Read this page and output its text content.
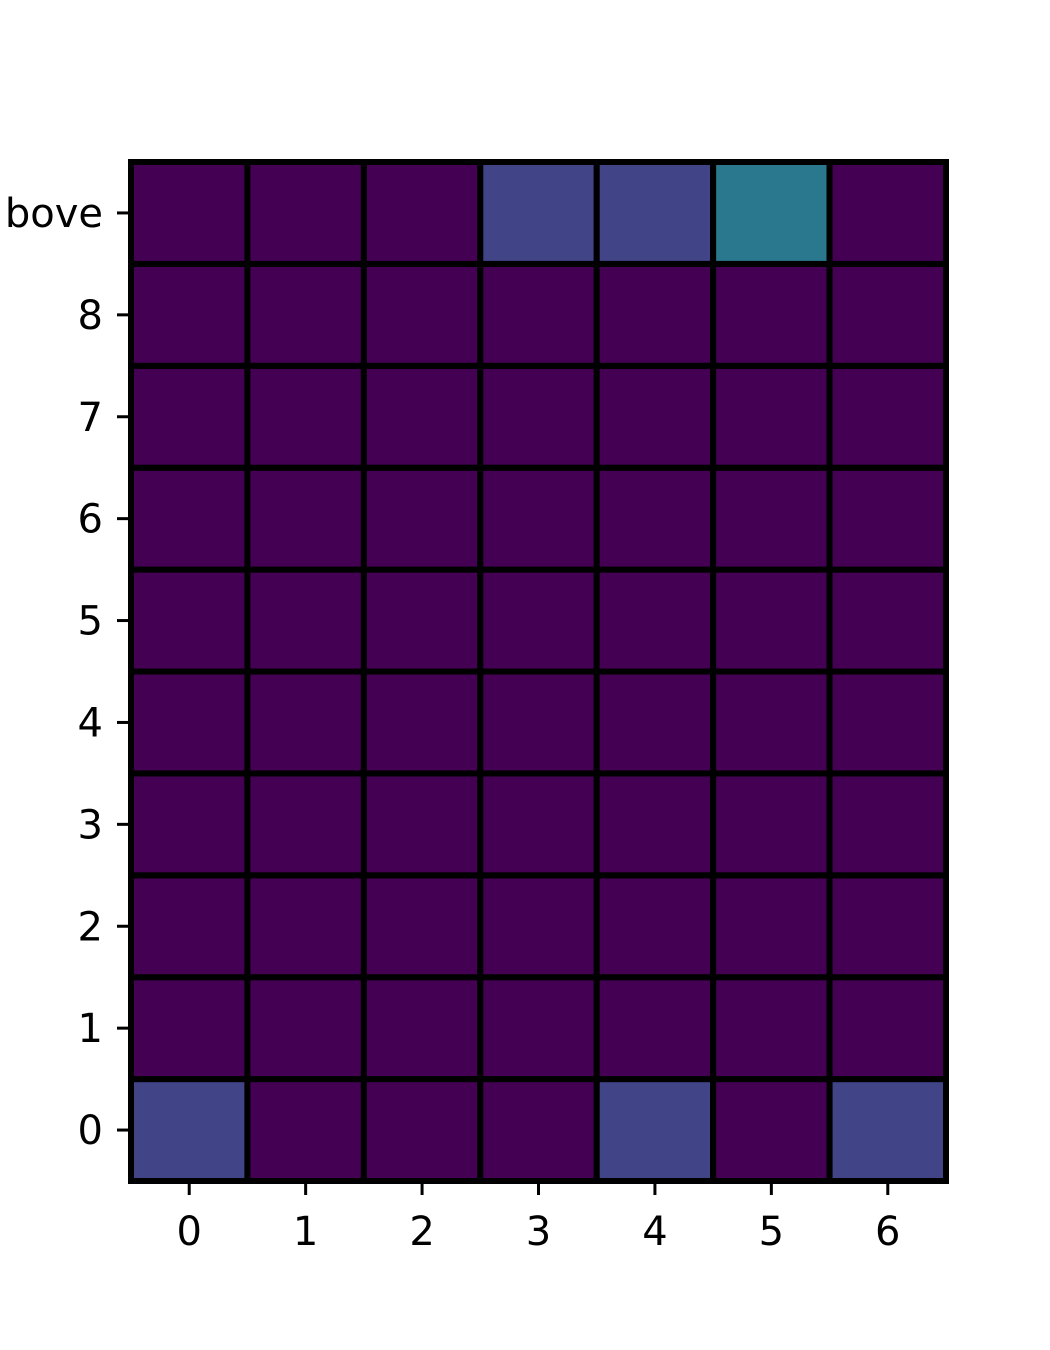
0 1 2 3 4 5 6
0
1
2
3
4
5
6
7
8
bove
